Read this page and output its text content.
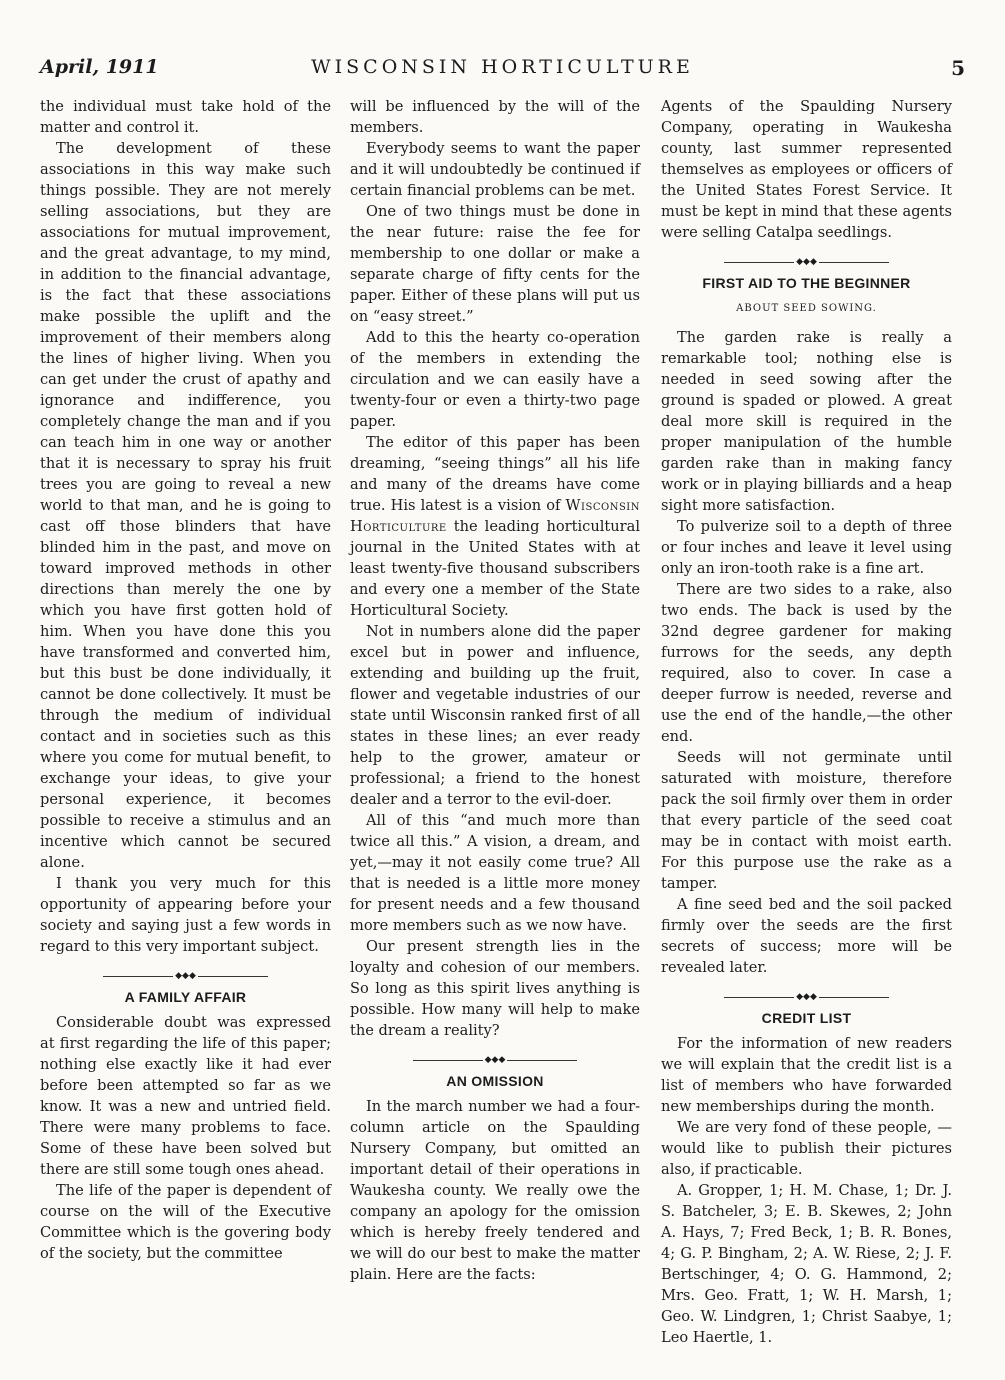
April, 1911	WISCONSIN HORTICULTURE	5

the individual must take hold of the matter and control it.

The development of these associations in this way make such things possible. They are not merely selling associations, but they are associations for mutual improvement, and the great advantage, to my mind, in addition to the financial advantage, is the fact that these associations make possible the uplift and the improvement of their members along the lines of higher living. When you can get under the crust of apathy and ignorance and indifference, you completely change the man and if you can teach him in one way or another that it is necessary to spray his fruit trees you are going to reveal a new world to that man, and he is going to cast off those blinders that have blinded him in the past, and move on toward improved methods in other directions than merely the one by which you have first gotten hold of him. When you have done this you have transformed and converted him, but this bust be done individually, it cannot be done collectively. It must be through the medium of individual contact and in societies such as this where you come for mutual benefit, to exchange your ideas, to give your personal experience, it becomes possible to receive a stimulus and an incentive which cannot be secured alone.

I thank you very much for this opportunity of appearing before your society and saying just a few words in regard to this very important subject.

◆◆◆
A FAMILY AFFAIR

Considerable doubt was expressed at first regarding the life of this paper; nothing else exactly like it had ever before been attempted so far as we know. It was a new and untried field. There were many problems to face. Some of these have been solved but there are still some tough ones ahead.

The life of the paper is dependent of course on the will of the Executive Committee which is the govering body of the society, but the committee

will be influenced by the will of the members.

Everybody seems to want the paper and it will undoubtedly be continued if certain financial problems can be met.

One of two things must be done in the near future: raise the fee for membership to one dollar or make a separate charge of fifty cents for the paper. Either of these plans will put us on “easy street.”

Add to this the hearty co-operation of the members in extending the circulation and we can easily have a twenty-four or even a thirty-two page paper.

The editor of this paper has been dreaming, “seeing things” all his life and many of the dreams have come true. His latest is a vision of Wisconsin Horticulture the leading horticultural journal in the United States with at least twenty-five thousand subscribers and every one a member of the State Horticultural Society.

Not in numbers alone did the paper excel but in power and influence, extending and building up the fruit, flower and vegetable industries of our state until Wisconsin ranked first of all states in these lines; an ever ready help to the grower, amateur or professional; a friend to the honest dealer and a terror to the evil-doer.

All of this “and much more than twice all this.” A vision, a dream, and yet,—may it not easily come true? All that is needed is a little more money for present needs and a few thousand more members such as we now have.

Our present strength lies in the loyalty and cohesion of our members. So long as this spirit lives anything is possible. How many will help to make the dream a reality?

◆◆◆
AN OMISSION

In the march number we had a four-column article on the Spaulding Nursery Company, but omitted an important detail of their operations in Waukesha county. We really owe the company an apology for the omission which is hereby freely tendered and we will do our best to make the matter plain. Here are the facts:

Agents of the Spaulding Nursery Company, operating in Waukesha county, last summer represented themselves as employees or officers of the United States Forest Service. It must be kept in mind that these agents were selling Catalpa seedlings.

◆◆◆
FIRST AID TO THE BEGINNER
ABOUT SEED SOWING.

The garden rake is really a remarkable tool; nothing else is needed in seed sowing after the ground is spaded or plowed. A great deal more skill is required in the proper manipulation of the humble garden rake than in making fancy work or in playing billiards and a heap sight more satisfaction.

To pulverize soil to a depth of three or four inches and leave it level using only an iron-tooth rake is a fine art.

There are two sides to a rake, also two ends. The back is used by the 32nd degree gardener for making furrows for the seeds, any depth required, also to cover. In case a deeper furrow is needed, reverse and use the end of the handle,—the other end.

Seeds will not germinate until saturated with moisture, therefore pack the soil firmly over them in order that every particle of the seed coat may be in contact with moist earth. For this purpose use the rake as a tamper.

A fine seed bed and the soil packed firmly over the seeds are the first secrets of success; more will be revealed later.

◆◆◆
CREDIT LIST

For the information of new readers we will explain that the credit list is a list of members who have forwarded new memberships during the month.

We are very fond of these people, —would like to publish their pictures also, if practicable.

A. Gropper, 1; H. M. Chase, 1; Dr. J. S. Batcheler, 3; E. B. Skewes, 2; John A. Hays, 7; Fred Beck, 1; B. R. Bones, 4; G. P. Bingham, 2; A. W. Riese, 2; J. F. Bertschinger, 4; O. G. Hammond, 2; Mrs. Geo. Fratt, 1; W. H. Marsh, 1; Geo. W. Lindgren, 1; Christ Saabye, 1; Leo Haertle, 1.
